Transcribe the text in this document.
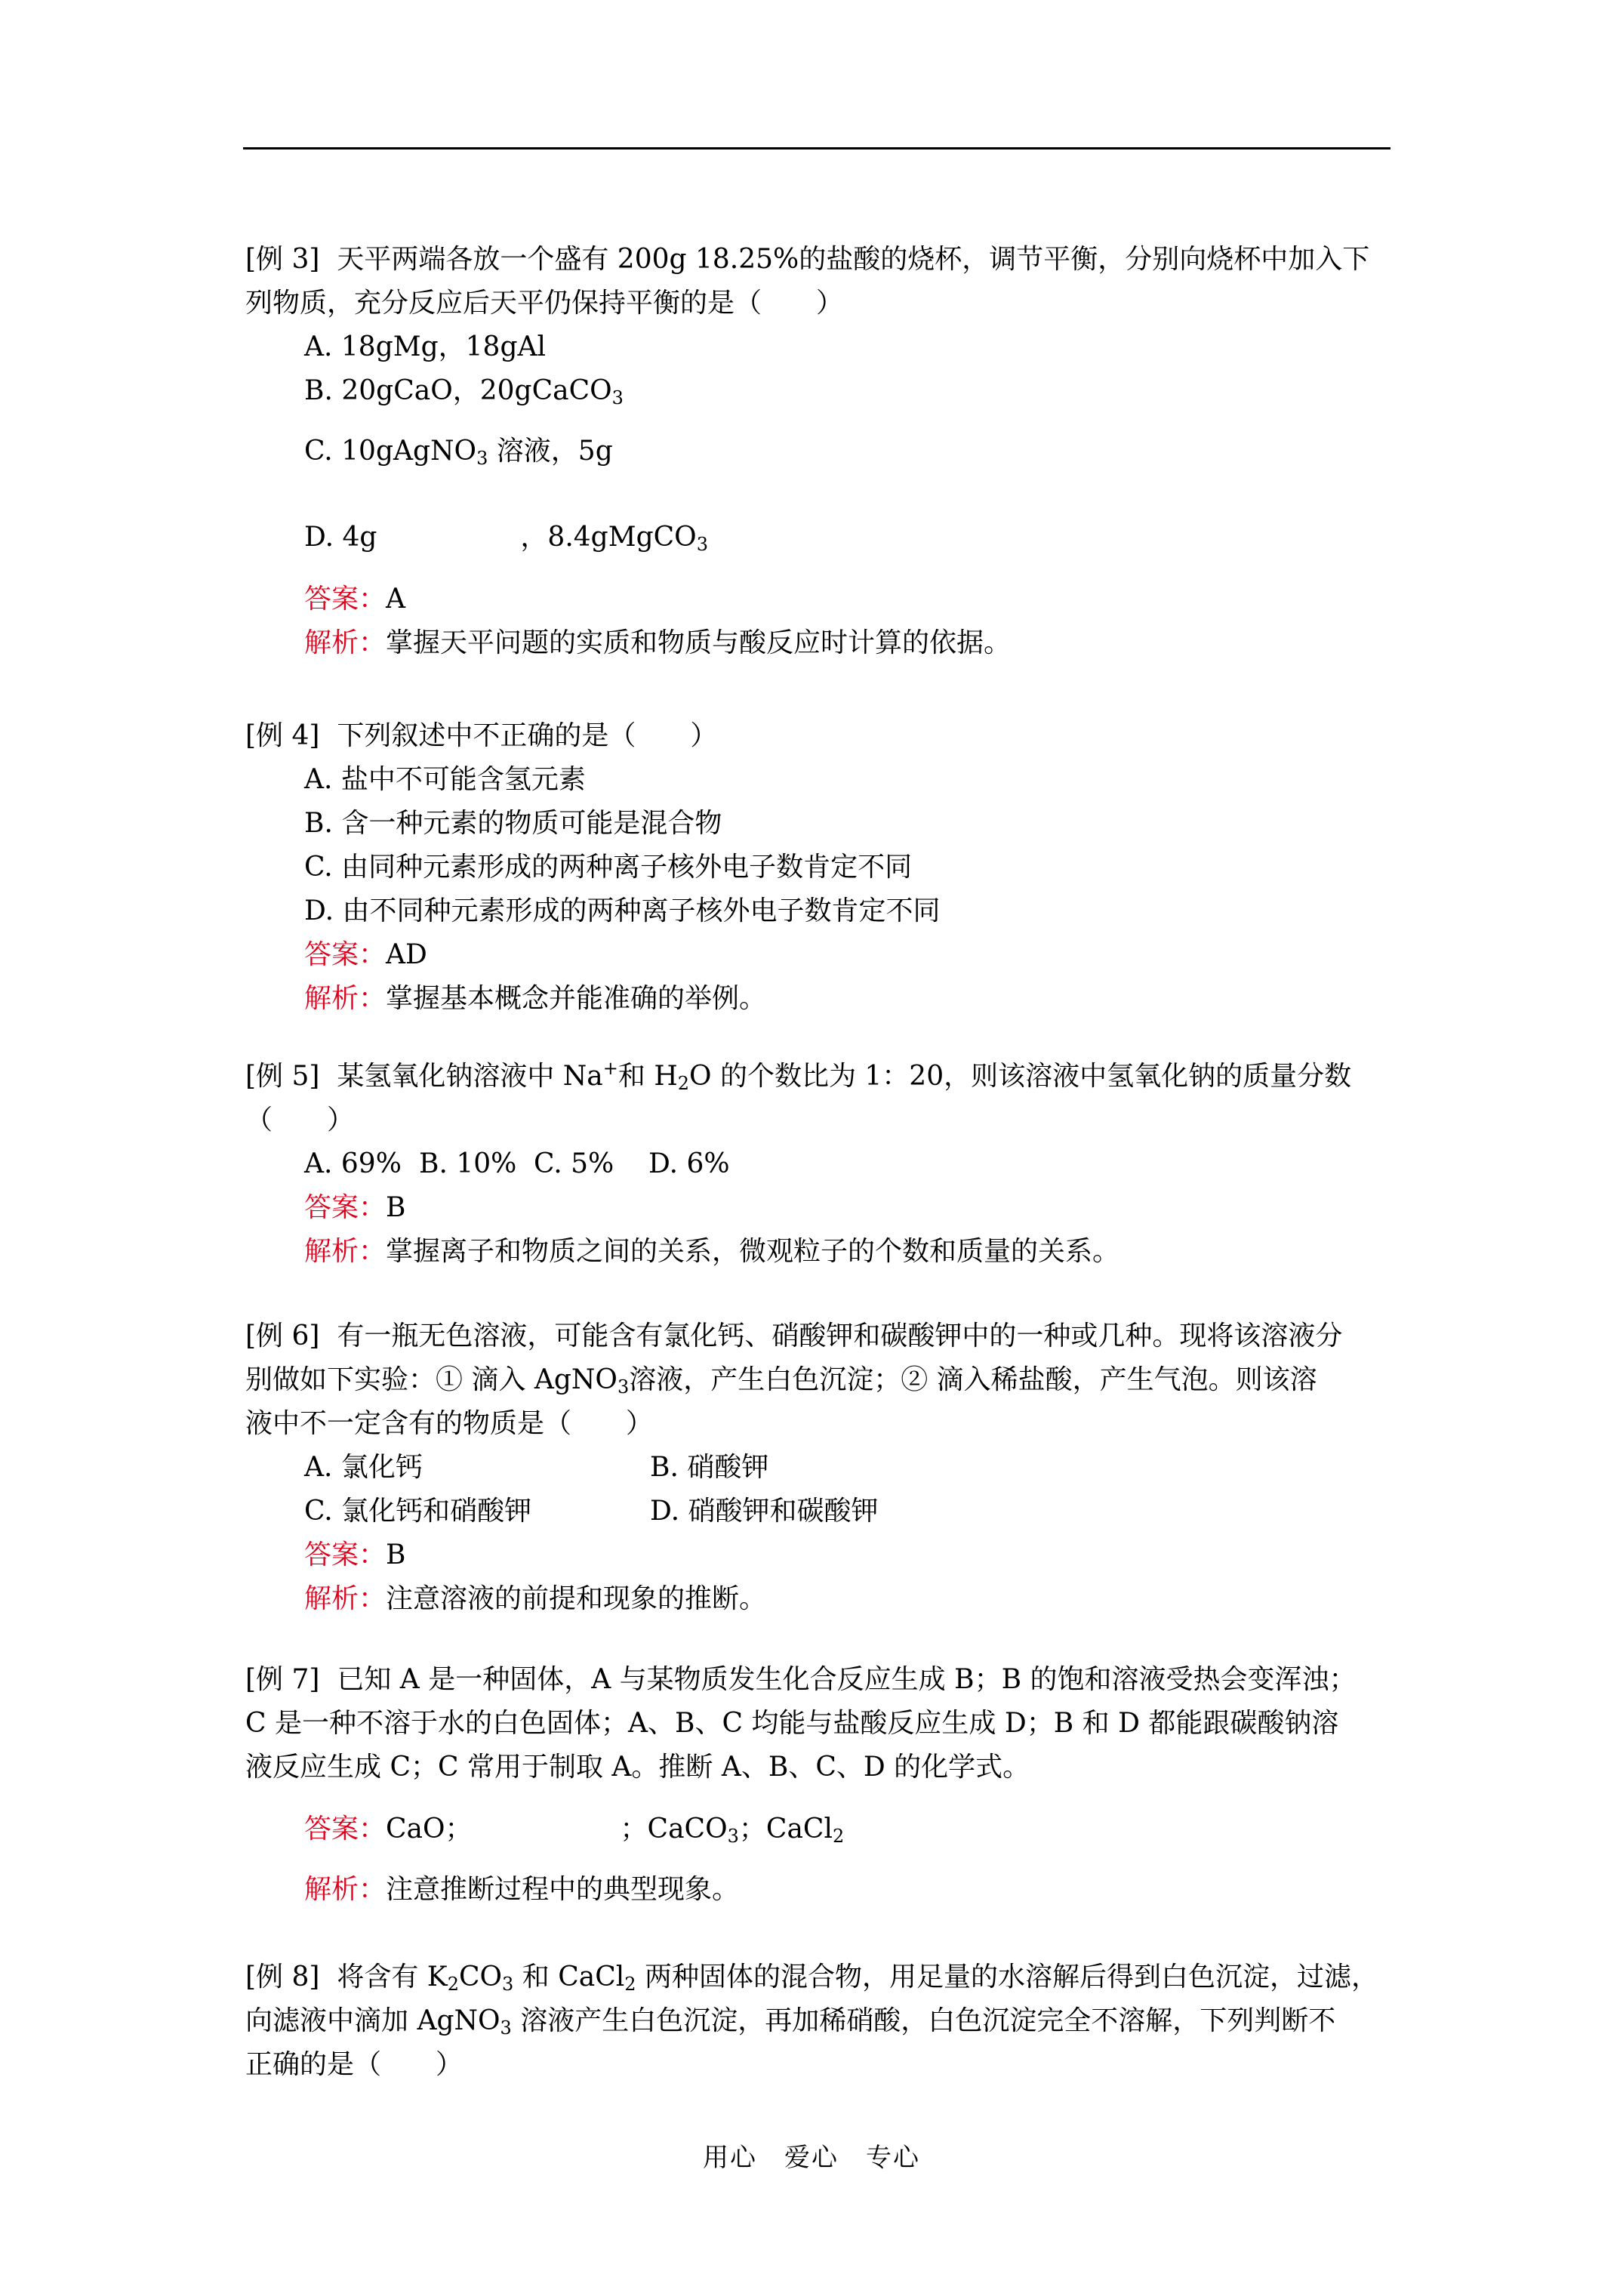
[例 3] 天平两端各放一个盛有 200g 18.25%的盐酸的烧杯，调节平衡，分别向烧杯中加入下
列物质，充分反应后天平仍保持平衡的是（　　）
A. 18gMg，18gAl
B. 20gCaO，20gCaCO$_3$
C. 10gAgNO$_3$ 溶液，5g
D. 4g	，8.4gMgCO$_3$
答案：A
解析：掌握天平问题的实质和物质与酸反应时计算的依据。
[例 4] 下列叙述中不正确的是（　　）
A. 盐中不可能含氢元素
B. 含一种元素的物质可能是混合物
C. 由同种元素形成的两种离子核外电子数肯定不同
D. 由不同种元素形成的两种离子核外电子数肯定不同
答案：AD
解析：掌握基本概念并能准确的举例。
[例 5] 某氢氧化钠溶液中 Na+和 $H_2O$ 的个数比为 1：20，则该溶液中氢氧化钠的质量分数
（　　）
A. 69% B. 10% C. 5% D. 6%
答案：B
解析：掌握离子和物质之间的关系，微观粒子的个数和质量的关系。
[例 6] 有一瓶无色溶液，可能含有氯化钙、硝酸钾和碳酸钾中的一种或几种。现将该溶液分
别做如下实验：① 滴入 AgNO$_3$溶液，产生白色沉淀；② 滴入稀盐酸，产生气泡。则该溶
液中不一定含有的物质是（　　）
A. 氯化钙	B. 硝酸钾
C. 氯化钙和硝酸钾	D. 硝酸钾和碳酸钾
答案：B
解析：注意溶液的前提和现象的推断。
[例 7] 已知 A 是一种固体，A 与某物质发生化合反应生成 B；B 的饱和溶液受热会变浑浊；
C 是一种不溶于水的白色固体；A、B、C 均能与盐酸反应生成 D；B 和 D 都能跟碳酸钠溶
液反应生成 C；C 常用于制取 A。推断 A、B、C、D 的化学式。
答案：CaO；	；CaCO$_3$；CaCl$_2$
解析：注意推断过程中的典型现象。
[例 8] 将含有 $K_2CO_3$ 和 CaCl$_2$ 两种固体的混合物，用足量的水溶解后得到白色沉淀，过滤，
向滤液中滴加 AgNO$_3$ 溶液产生白色沉淀，再加稀硝酸，白色沉淀完全不溶解，下列判断不
正确的是（　　）
用心 爱心 专心
